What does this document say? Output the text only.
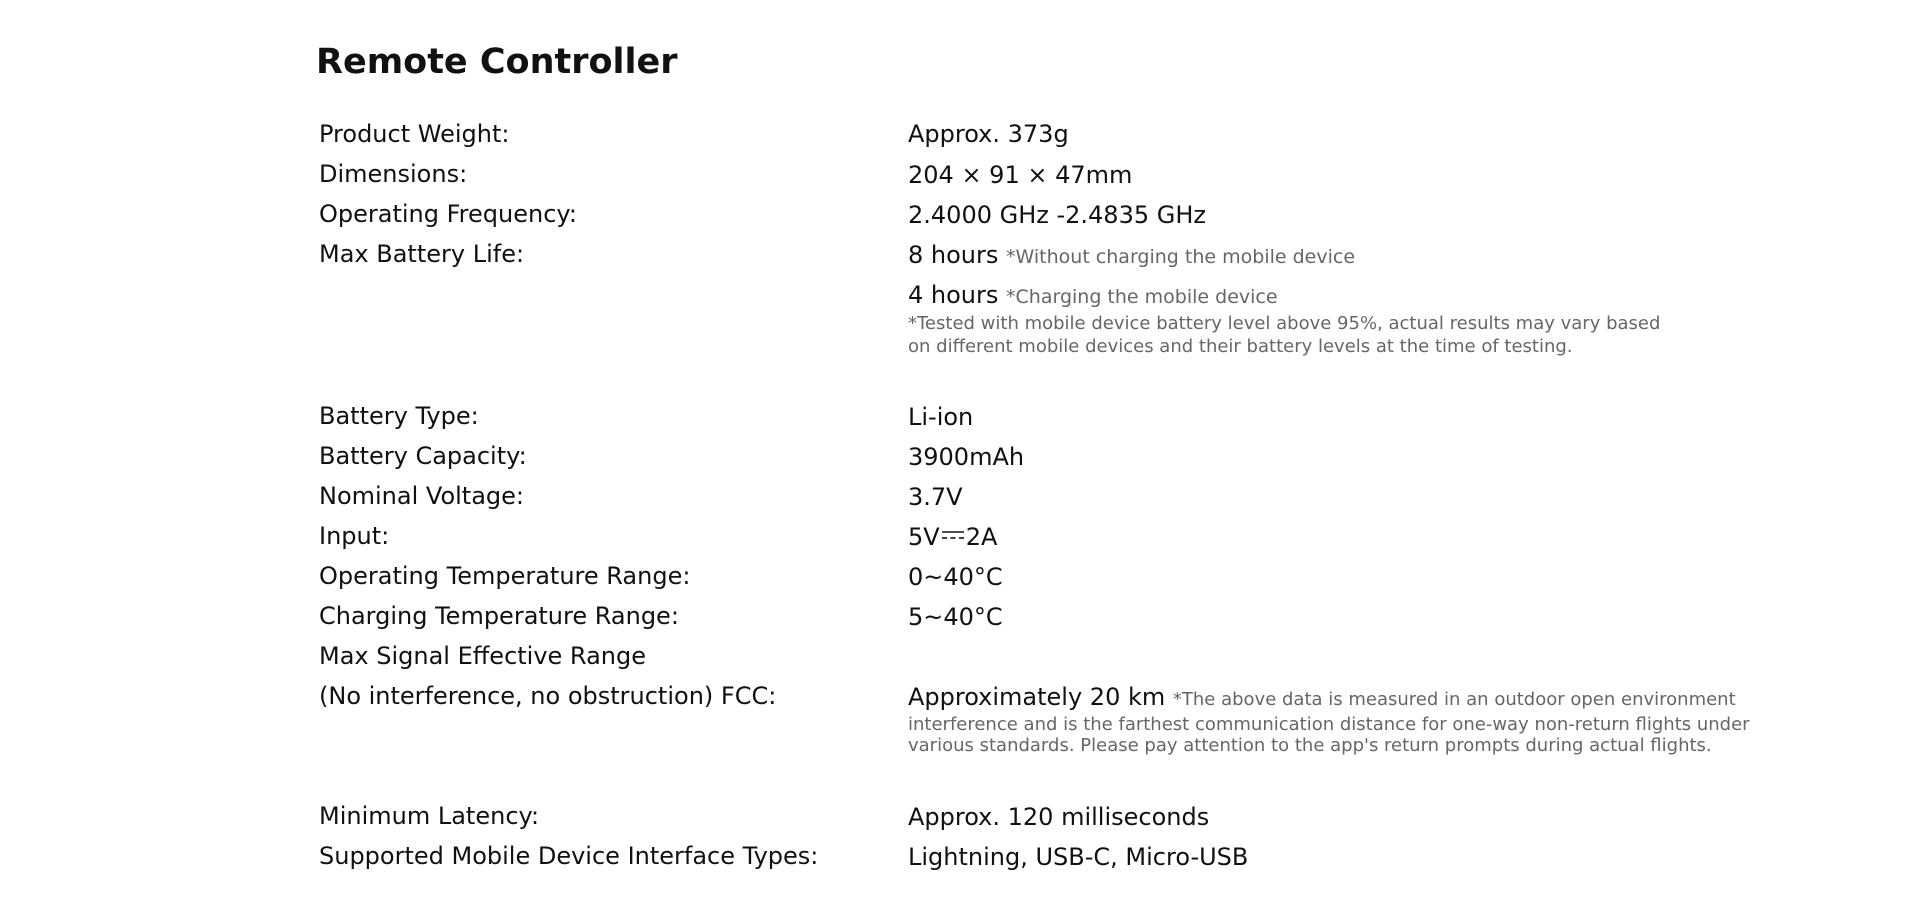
Remote Controller
Product Weight:	Approx. 373g
Dimensions:	204 × 91 × 47mm
Operating Frequency:	2.4000 GHz -2.4835 GHz
Max Battery Life:	8 hours *Without charging the mobile device
4 hours *Charging the mobile device
*Tested with mobile device battery level above 95%, actual results may vary based
on different mobile devices and their battery levels at the time of testing.
Battery Type:	Li-ion
Battery Capacity:	3900mAh
Nominal Voltage:	3.7V
Input:	5V 2A
Operating Temperature Range:	0~40°C
Charging Temperature Range:	5~40°C
Max Signal Effective Range
(No interference, no obstruction) FCC:	Approximately 20 km *The above data is measured in an outdoor open environment
interference and is the farthest communication distance for one-way non-return flights under
various standards. Please pay attention to the app's return prompts during actual flights.
Minimum Latency:	Approx. 120 milliseconds
Supported Mobile Device Interface Types:	Lightning, USB-C, Micro-USB
